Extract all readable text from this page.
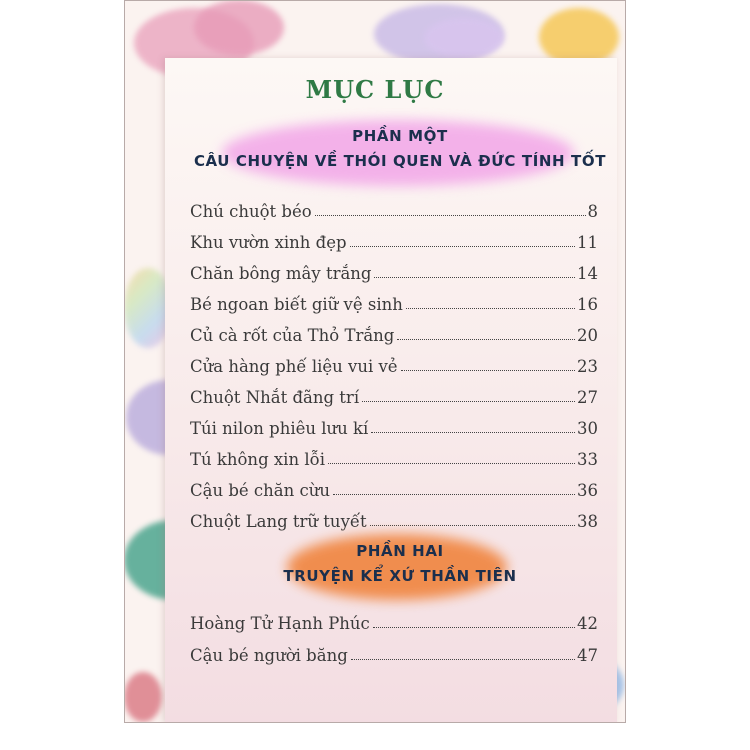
MỤC LỤC
PHẦN MỘT
CÂU CHUYỆN VỀ THÓI QUEN VÀ ĐỨC TÍNH TỐT
Chú chuột béo	8
Khu vườn xinh đẹp	11
Chăn bông mây trắng	14
Bé ngoan biết giữ vệ sinh	16
Củ cà rốt của Thỏ Trắng	20
Cửa hàng phế liệu vui vẻ	23
Chuột Nhắt đãng trí	27
Túi nilon phiêu lưu kí	30
Tú không xin lỗi	33
Cậu bé chăn cừu	36
Chuột Lang trữ tuyết	38
PHẦN HAI
TRUYỆN KỂ XỨ THẦN TIÊN
Hoàng Tử Hạnh Phúc	42
Cậu bé người băng	47
